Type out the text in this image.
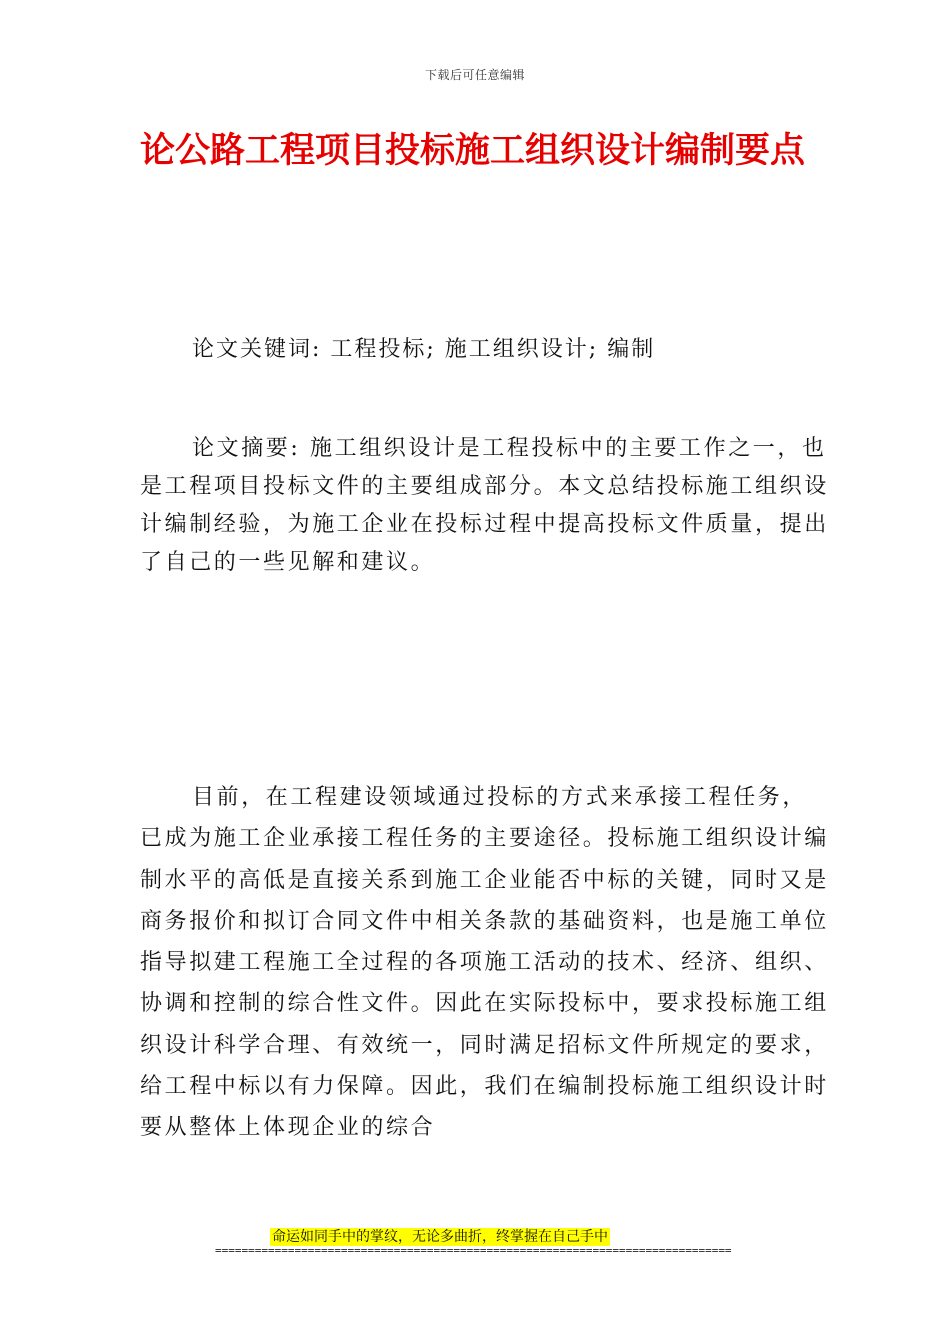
下载后可任意编辑
论公路工程项目投标施工组织设计编制要点

论文关键词: 工程投标; 施工组织设计; 编制

论文摘要: 施工组织设计是工程投标中的主要工作之一，也是工程项目投标文件的主要组成部分。本文总结投标施工组织设计编制经验，为施工企业在投标过程中提高投标文件质量，提出了自己的一些见解和建议。

目前，在工程建设领域通过投标的方式来承接工程任务，已成为施工企业承接工程任务的主要途径。投标施工组织设计编制水平的高低是直接关系到施工企业能否中标的关键，同时又是商务报价和拟订合同文件中相关条款的基础资料，也是施工单位指导拟建工程施工全过程的各项施工活动的技术、经济、组织、协调和控制的综合性文件。因此在实际投标中，要求投标施工组织设计科学合理、有效统一，同时满足招标文件所规定的要求，给工程中标以有力保障。因此，我们在编制投标施工组织设计时要从整体上体现企业的综合

命运如同手中的掌纹，无论多曲折，终掌握在自己手中
==============================================================================
